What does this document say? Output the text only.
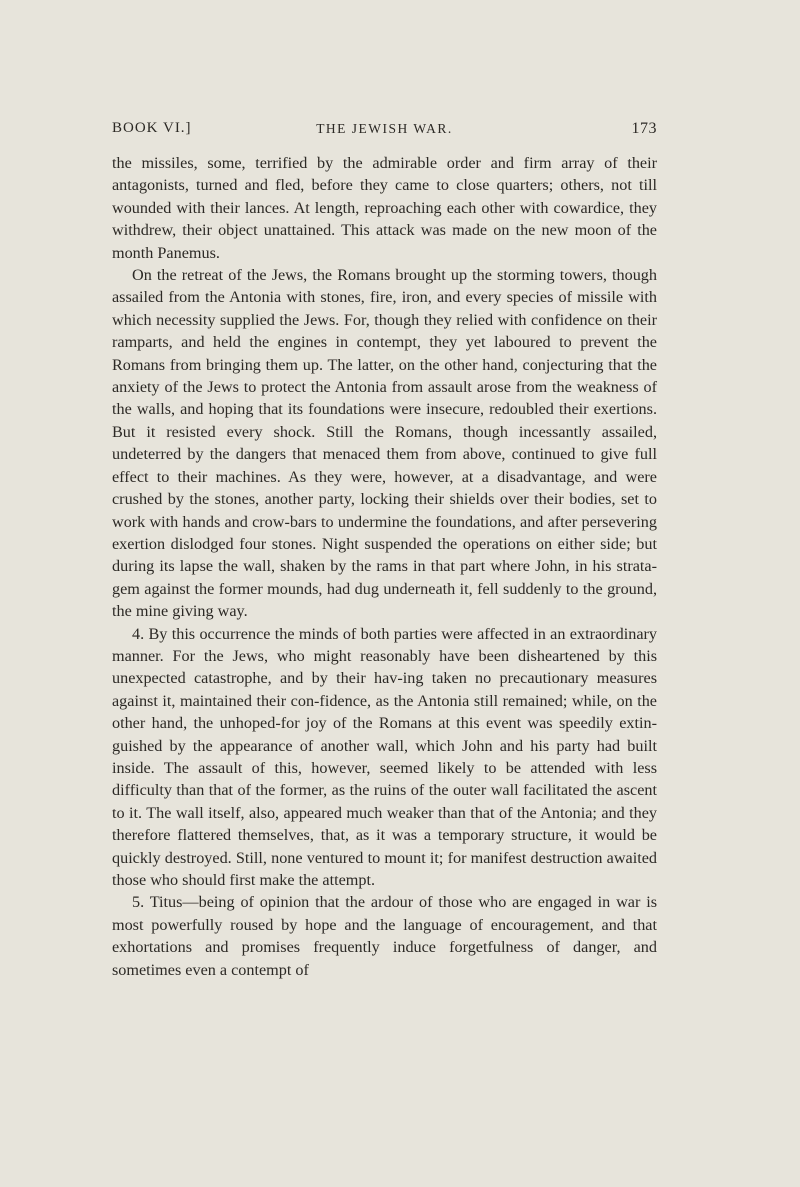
BOOK VI.]	THE JEWISH WAR.	173

the missiles, some, terrified by the admirable order and firm array of their antagonists, turned and fled, before they came to close quarters; others, not till wounded with their lances. At length, reproaching each other with cowardice, they withdrew, their object unattained. This attack was made on the new moon of the month Panemus.

On the retreat of the Jews, the Romans brought up the storming towers, though assailed from the Antonia with stones, fire, iron, and every species of missile with which necessity supplied the Jews. For, though they relied with confidence on their ramparts, and held the engines in contempt, they yet laboured to prevent the Romans from bringing them up. The latter, on the other hand, conjecturing that the anxiety of the Jews to protect the Antonia from assault arose from the weakness of the walls, and hoping that its foundations were insecure, redoubled their exertions. But it resisted every shock. Still the Romans, though incessantly assailed, undeterred by the dangers that menaced them from above, continued to give full effect to their machines. As they were, however, at a disadvantage, and were crushed by the stones, another party, locking their shields over their bodies, set to work with hands and crow-bars to undermine the foundations, and after persevering exertion dislodged four stones. Night suspended the operations on either side; but during its lapse the wall, shaken by the rams in that part where John, in his strata-gem against the former mounds, had dug underneath it, fell suddenly to the ground, the mine giving way.

4. By this occurrence the minds of both parties were affected in an extraordinary manner. For the Jews, who might reasonably have been disheartened by this unexpected catastrophe, and by their hav-ing taken no precautionary measures against it, maintained their con-fidence, as the Antonia still remained; while, on the other hand, the unhoped-for joy of the Romans at this event was speedily extin-guished by the appearance of another wall, which John and his party had built inside. The assault of this, however, seemed likely to be attended with less difficulty than that of the former, as the ruins of the outer wall facilitated the ascent to it. The wall itself, also, appeared much weaker than that of the Antonia; and they therefore flattered themselves, that, as it was a temporary structure, it would be quickly destroyed. Still, none ventured to mount it; for manifest destruction awaited those who should first make the attempt.

5. Titus—being of opinion that the ardour of those who are engaged in war is most powerfully roused by hope and the language of encouragement, and that exhortations and promises frequently induce forgetfulness of danger, and sometimes even a contempt of
